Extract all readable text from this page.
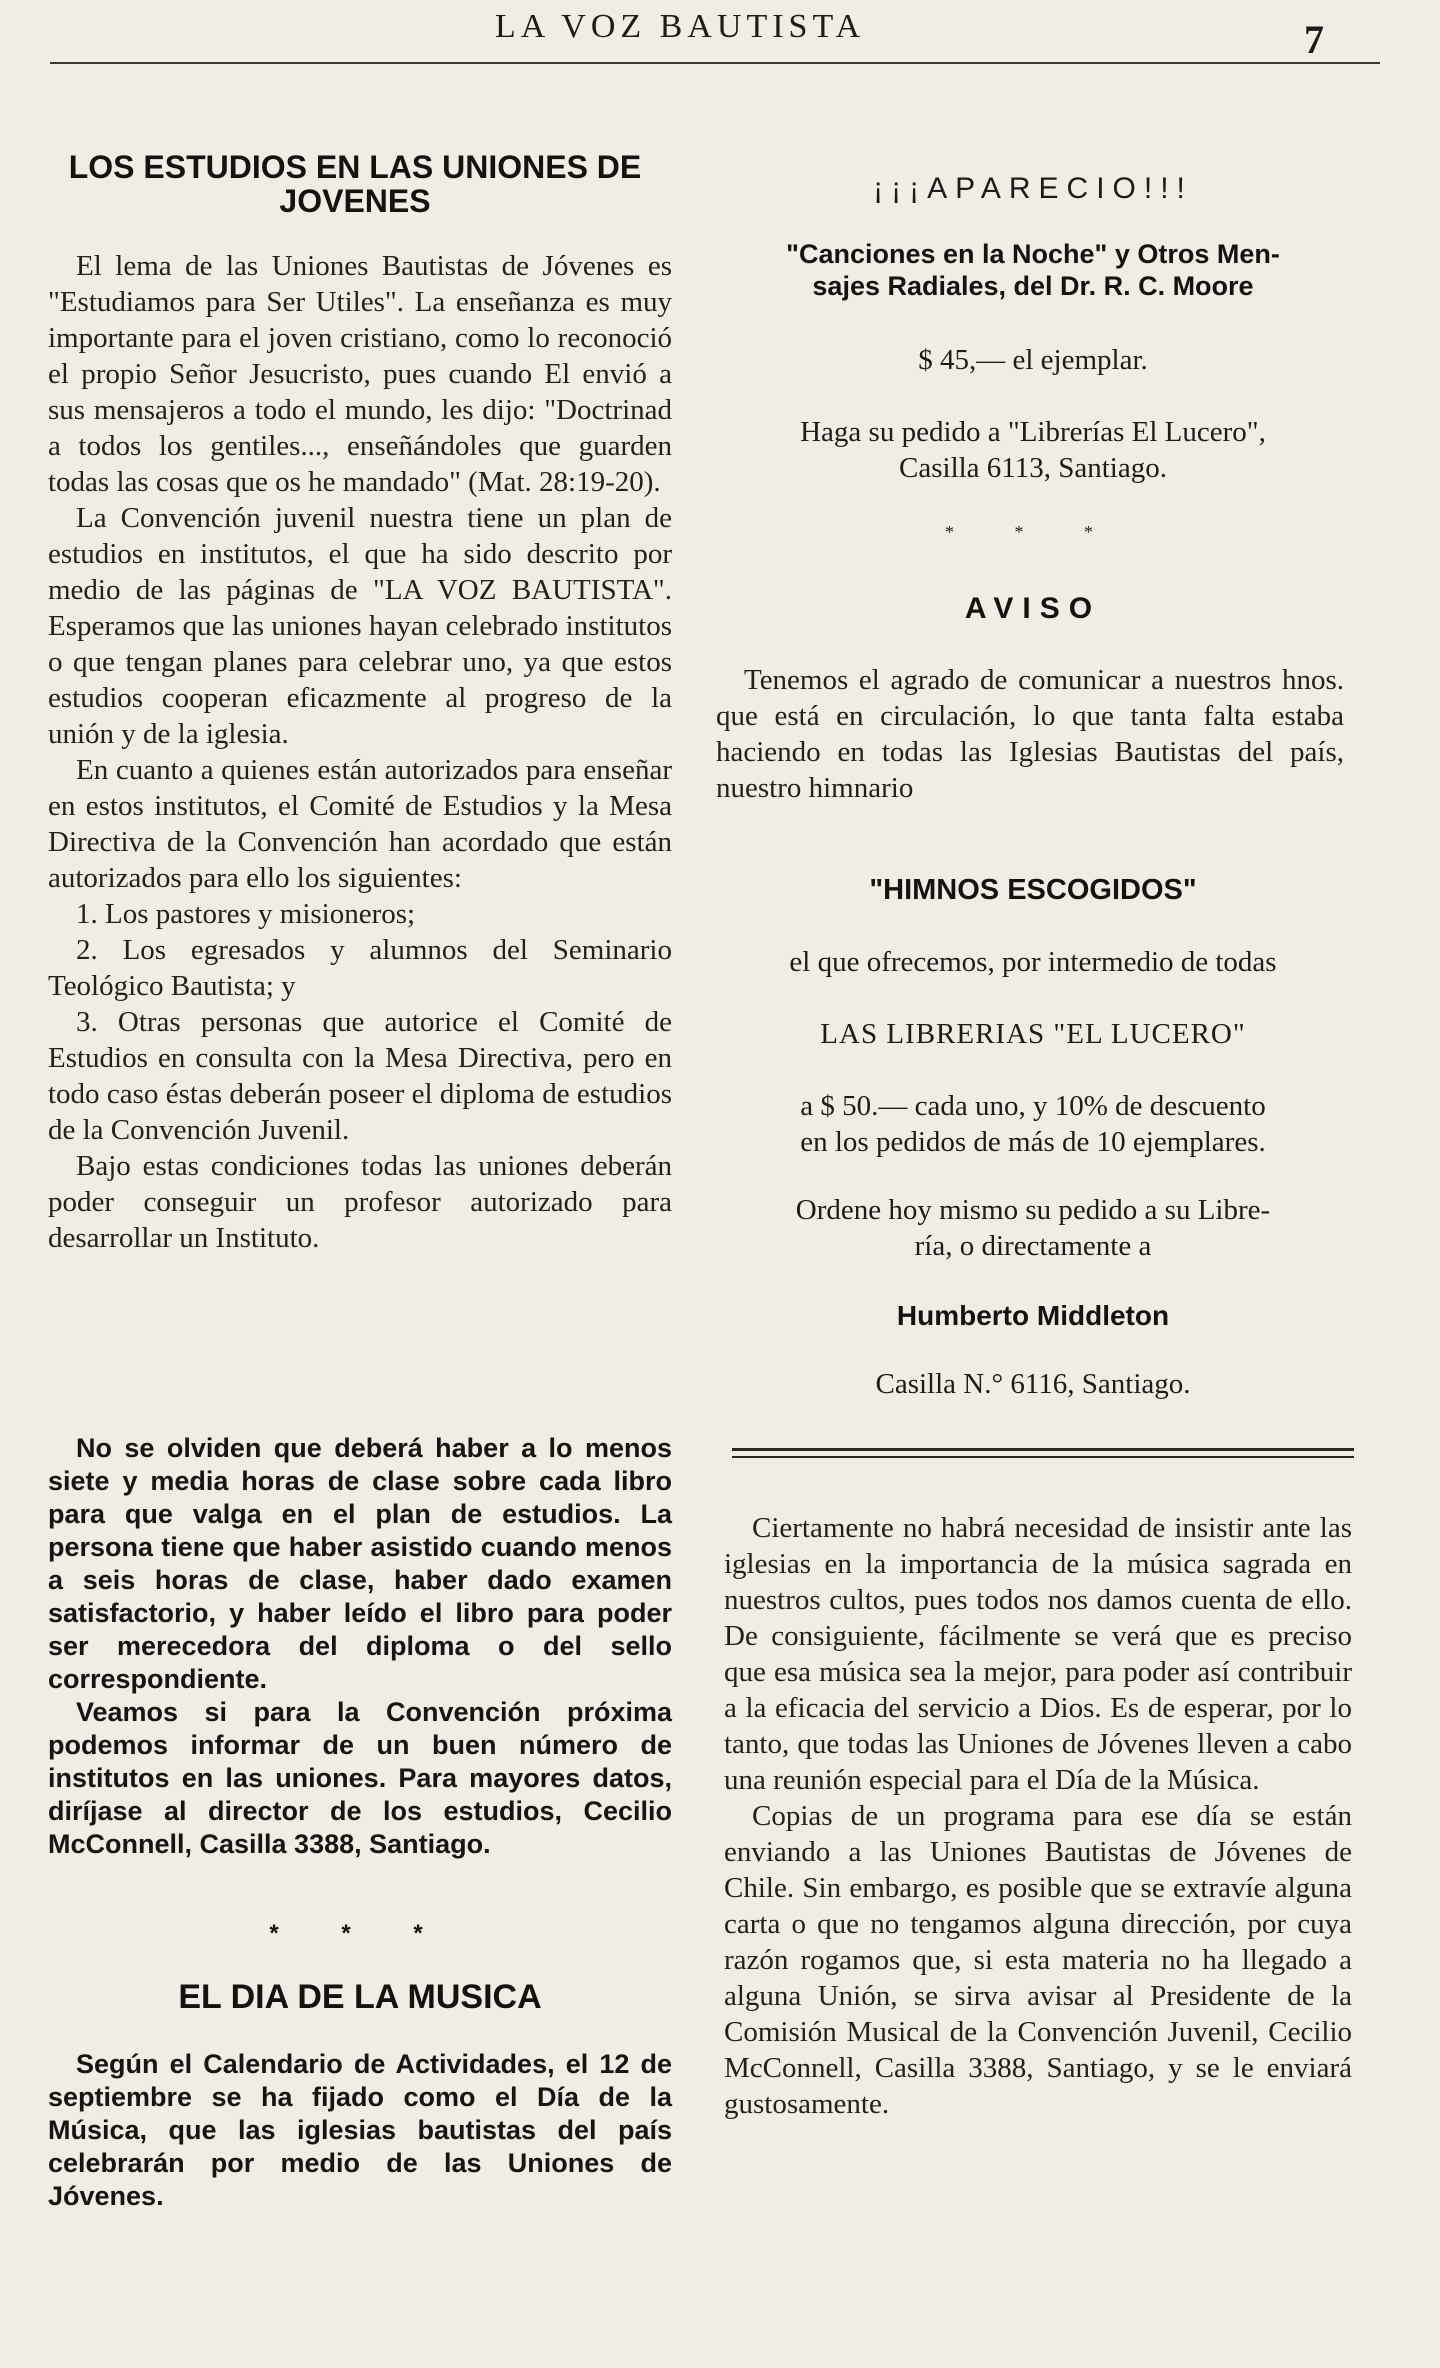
LA VOZ BAUTISTA	7
LOS ESTUDIOS EN LAS UNIONES DE
JOVENES

El lema de las Uniones Bautistas de Jóvenes es "Estudiamos para Ser Utiles". La enseñanza es muy importante para el joven cristiano, como lo reconoció el propio Señor Jesucristo, pues cuando El envió a sus mensajeros a todo el mundo, les dijo: "Doctrinad a todos los gentiles..., enseñándoles que guarden todas las cosas que os he mandado" (Mat. 28:19-20).

La Convención juvenil nuestra tiene un plan de estudios en institutos, el que ha sido descrito por medio de las páginas de "LA VOZ BAUTISTA". Esperamos que las uniones hayan celebrado institutos o que tengan planes para celebrar uno, ya que estos estudios cooperan eficazmente al progreso de la unión y de la iglesia.

En cuanto a quienes están autorizados para enseñar en estos institutos, el Comité de Estudios y la Mesa Directiva de la Convención han acordado que están autorizados para ello los siguientes:

1. Los pastores y misioneros;

2. Los egresados y alumnos del Seminario Teológico Bautista; y

3. Otras personas que autorice el Comité de Estudios en consulta con la Mesa Directiva, pero en todo caso éstas deberán poseer el diploma de estudios de la Convención Juvenil.

Bajo estas condiciones todas las uniones deberán poder conseguir un profesor autorizado para desarrollar un Instituto.

No se olviden que deberá haber a lo menos siete y media horas de clase sobre cada libro para que valga en el plan de estudios. La persona tiene que haber asistido cuando menos a seis horas de clase, haber dado examen satisfactorio, y haber leído el libro para poder ser merecedora del diploma o del sello correspondiente.

Veamos si para la Convención próxima podemos informar de un buen número de institutos en las uniones. Para mayores datos, diríjase al director de los estudios, Cecilio McConnell, Casilla 3388, Santiago.

* * *
EL DIA DE LA MUSICA

Según el Calendario de Actividades, el 12 de septiembre se ha fijado como el Día de la Música, que las iglesias bautistas del país celebrarán por medio de las Uniones de Jóvenes.

¡¡¡APARECIO!!!
"Canciones en la Noche" y Otros Men-
sajes Radiales, del Dr. R. C. Moore
$ 45,— el ejemplar.
Haga su pedido a "Librerías El Lucero",
Casilla 6113, Santiago.
* * *
AVISO

Tenemos el agrado de comunicar a nuestros hnos. que está en circulación, lo que tanta falta estaba haciendo en todas las Iglesias Bautistas del país, nuestro himnario

"HIMNOS ESCOGIDOS"
el que ofrecemos, por intermedio de todas
LAS LIBRERIAS "EL LUCERO"
a $ 50.— cada uno, y 10% de descuento
en los pedidos de más de 10 ejemplares.
Ordene hoy mismo su pedido a su Libre-
ría, o directamente a
Humberto Middleton
Casilla N.° 6116, Santiago.

Ciertamente no habrá necesidad de insistir ante las iglesias en la importancia de la música sagrada en nuestros cultos, pues todos nos damos cuenta de ello. De consiguiente, fácilmente se verá que es preciso que esa música sea la mejor, para poder así contribuir a la eficacia del servicio a Dios. Es de esperar, por lo tanto, que todas las Uniones de Jóvenes lleven a cabo una reunión especial para el Día de la Música.

Copias de un programa para ese día se están enviando a las Uniones Bautistas de Jóvenes de Chile. Sin embargo, es posible que se extravíe alguna carta o que no tengamos alguna dirección, por cuya razón rogamos que, si esta materia no ha llegado a alguna Unión, se sirva avisar al Presidente de la Comisión Musical de la Convención Juvenil, Cecilio McConnell, Casilla 3388, Santiago, y se le enviará gustosamente.
